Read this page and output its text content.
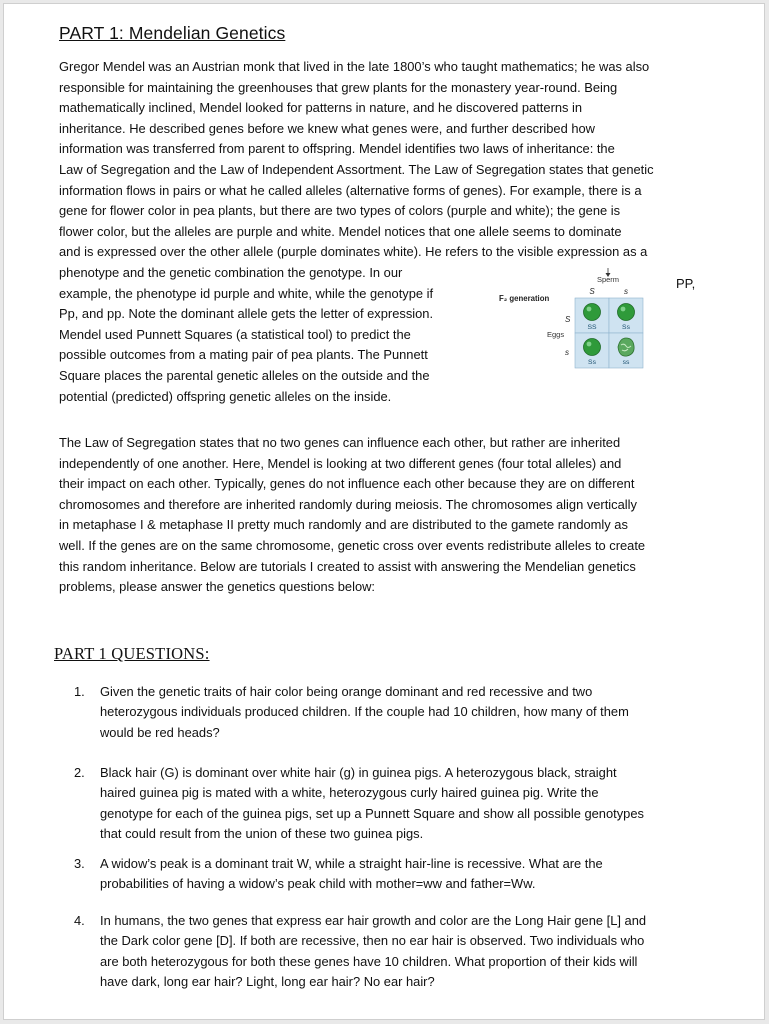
PART 1: Mendelian Genetics
Gregor Mendel was an Austrian monk that lived in the late 1800’s who taught mathematics; he was also
responsible for maintaining the greenhouses that grew plants for the monastery year-round. Being
mathematically inclined, Mendel looked for patterns in nature, and he discovered patterns in
inheritance. He described genes before we knew what genes were, and further described how
information was transferred from parent to offspring. Mendel identifies two laws of inheritance: the
Law of Segregation and the Law of Independent Assortment. The Law of Segregation states that genetic
information flows in pairs or what he called alleles (alternative forms of genes). For example, there is a
gene for flower color in pea plants, but there are two types of colors (purple and white); the gene is
flower color, but the alleles are purple and white. Mendel notices that one allele seems to dominate
and is expressed over the other allele (purple dominates white). He refers to the visible expression as a
phenotype and the genetic combination the genotype. In our
example, the phenotype id purple and white, while the genotype if
Pp, and pp. Note the dominant allele gets the letter of expression.
Mendel used Punnett Squares (a statistical tool) to predict the
possible outcomes from a mating pair of pea plants. The Punnett
Square places the parental genetic alleles on the outside and the
potential (predicted) offspring genetic alleles on the inside.
PP,
Sperm
S	s
F₂ generation
S
Eggs
s
SS	Ss
Ss	ss
The Law of Segregation states that no two genes can influence each other, but rather are inherited
independently of one another. Here, Mendel is looking at two different genes (four total alleles) and
their impact on each other. Typically, genes do not influence each other because they are on different
chromosomes and therefore are inherited randomly during meiosis. The chromosomes align vertically
in metaphase I & metaphase II pretty much randomly and are distributed to the gamete randomly as
well. If the genes are on the same chromosome, genetic cross over events redistribute alleles to create
this random inheritance. Below are tutorials I created to assist with answering the Mendelian genetics
problems, please answer the genetics questions below:
PART 1 QUESTIONS:
1. Given the genetic traits of hair color being orange dominant and red recessive and two
heterozygous individuals produced children. If the couple had 10 children, how many of them
would be red heads?
2. Black hair (G) is dominant over white hair (g) in guinea pigs. A heterozygous black, straight
haired guinea pig is mated with a white, heterozygous curly haired guinea pig. Write the
genotype for each of the guinea pigs, set up a Punnett Square and show all possible genotypes
that could result from the union of these two guinea pigs.
3. A widow’s peak is a dominant trait W, while a straight hair-line is recessive. What are the
probabilities of having a widow’s peak child with mother=ww and father=Ww.
4. In humans, the two genes that express ear hair growth and color are the Long Hair gene [L] and
the Dark color gene [D]. If both are recessive, then no ear hair is observed. Two individuals who
are both heterozygous for both these genes have 10 children. What proportion of their kids will
have dark, long ear hair? Light, long ear hair? No ear hair?
